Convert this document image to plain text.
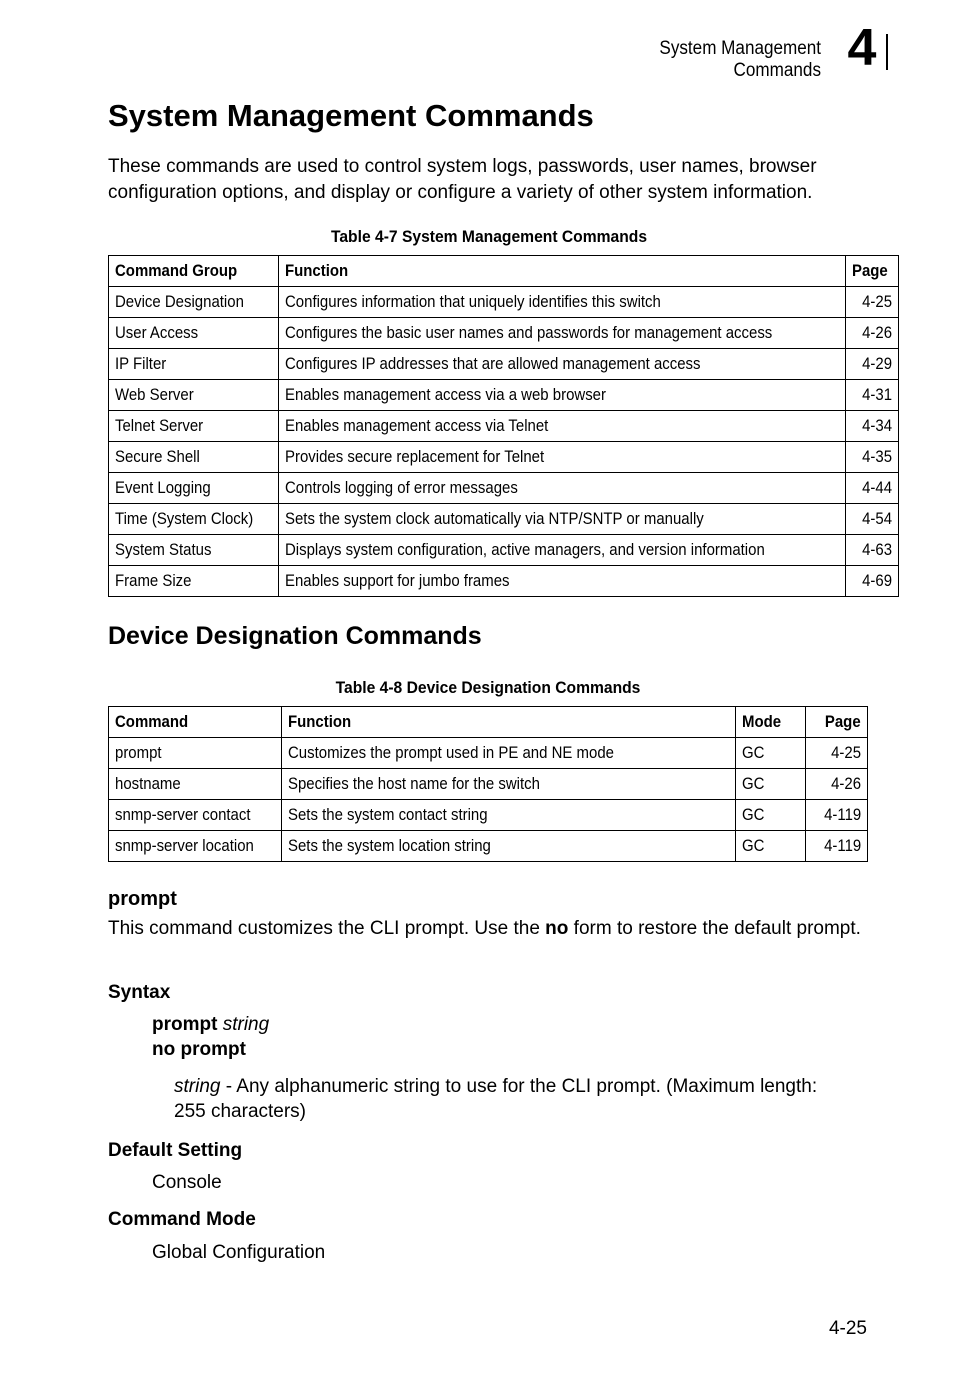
System Management Commands 4
System Management Commands

These commands are used to control system logs, passwords, user names, browser configuration options, and display or configure a variety of other system information.

Table 4-7 System Management Commands
Command Group	Function	Page
Device Designation	Configures information that uniquely identifies this switch	4-25
User Access	Configures the basic user names and passwords for management access	4-26
IP Filter	Configures IP addresses that are allowed management access	4-29
Web Server	Enables management access via a web browser	4-31
Telnet Server	Enables management access via Telnet	4-34
Secure Shell	Provides secure replacement for Telnet	4-35
Event Logging	Controls logging of error messages	4-44
Time (System Clock)	Sets the system clock automatically via NTP/SNTP or manually	4-54
System Status	Displays system configuration, active managers, and version information	4-63
Frame Size	Enables support for jumbo frames	4-69
Device Designation Commands
Table 4-8 Device Designation Commands
Command	Function	Mode	Page
prompt	Customizes the prompt used in PE and NE mode	GC	4-25
hostname	Specifies the host name for the switch	GC	4-26
snmp-server contact	Sets the system contact string	GC	4-119
snmp-server location	Sets the system location string	GC	4-119
prompt

This command customizes the CLI prompt. Use the no form to restore the default prompt.

Syntax

prompt string

no prompt

string - Any alphanumeric string to use for the CLI prompt. (Maximum length: 255 characters)

Default Setting

Console

Command Mode

Global Configuration

4-25
